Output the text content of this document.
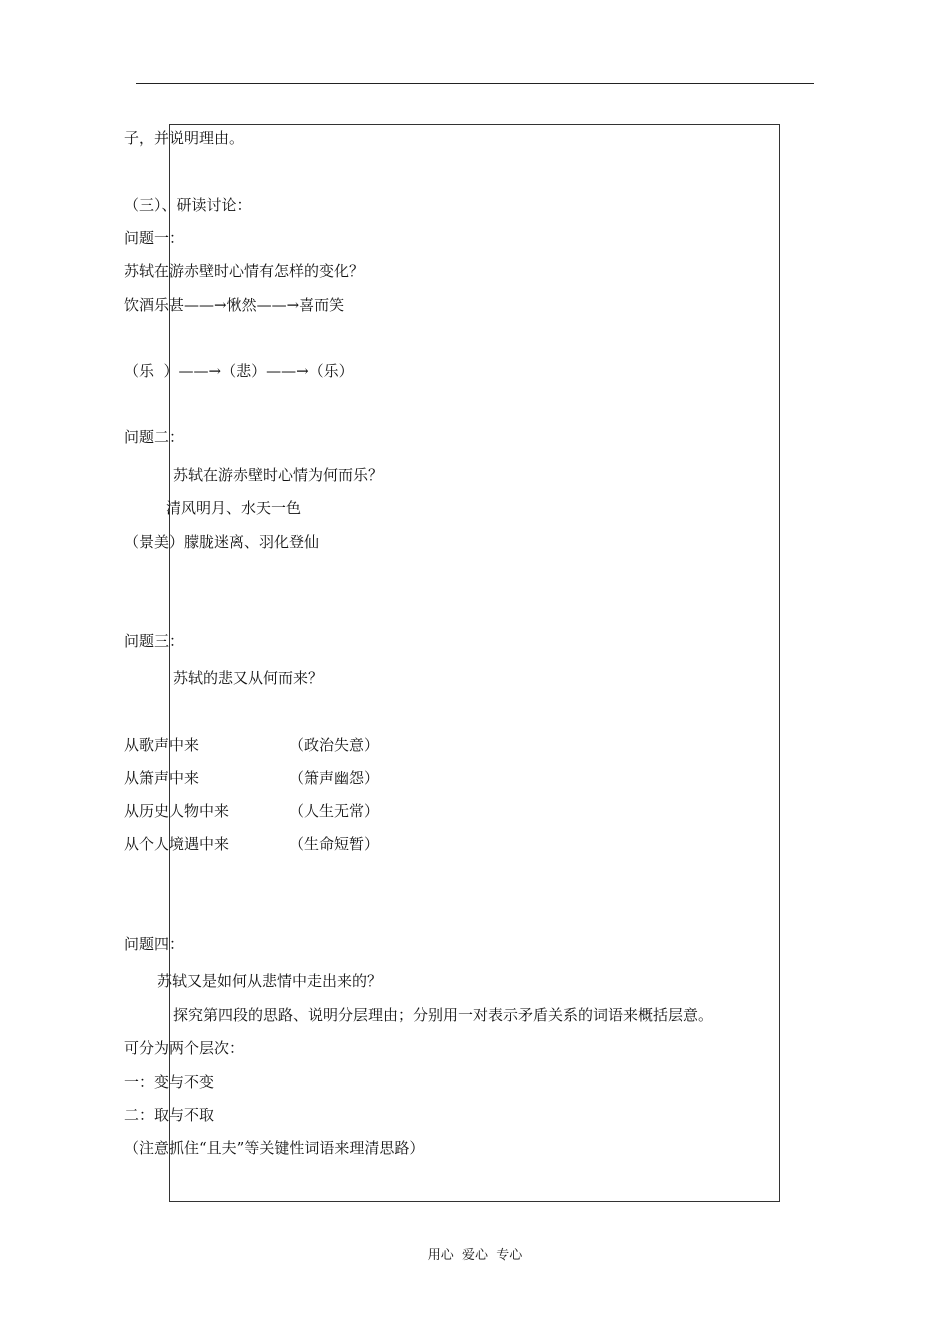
子，并说明理由。
（三）、研读讨论：
问题一：
苏轼在游赤壁时心情有怎样的变化？
饮酒乐甚——→愀然——→喜而笑
（乐  ）——→（悲）——→（乐）
问题二：
苏轼在游赤壁时心情为何而乐？
清风明月、水天一色
（景美）朦胧迷离、羽化登仙
问题三：
苏轼的悲又从何而来？
从歌声中来	（政治失意）
从箫声中来	（箫声幽怨）
从历史人物中来	（人生无常）
从个人境遇中来	（生命短暂）
问题四：
苏轼又是如何从悲情中走出来的？
探究第四段的思路、说明分层理由；分别用一对表示矛盾关系的词语来概括层意。
可分为两个层次：
一：变与不变
二：取与不取
（注意抓住“且夫”等关键性词语来理清思路）
用心  爱心  专心
